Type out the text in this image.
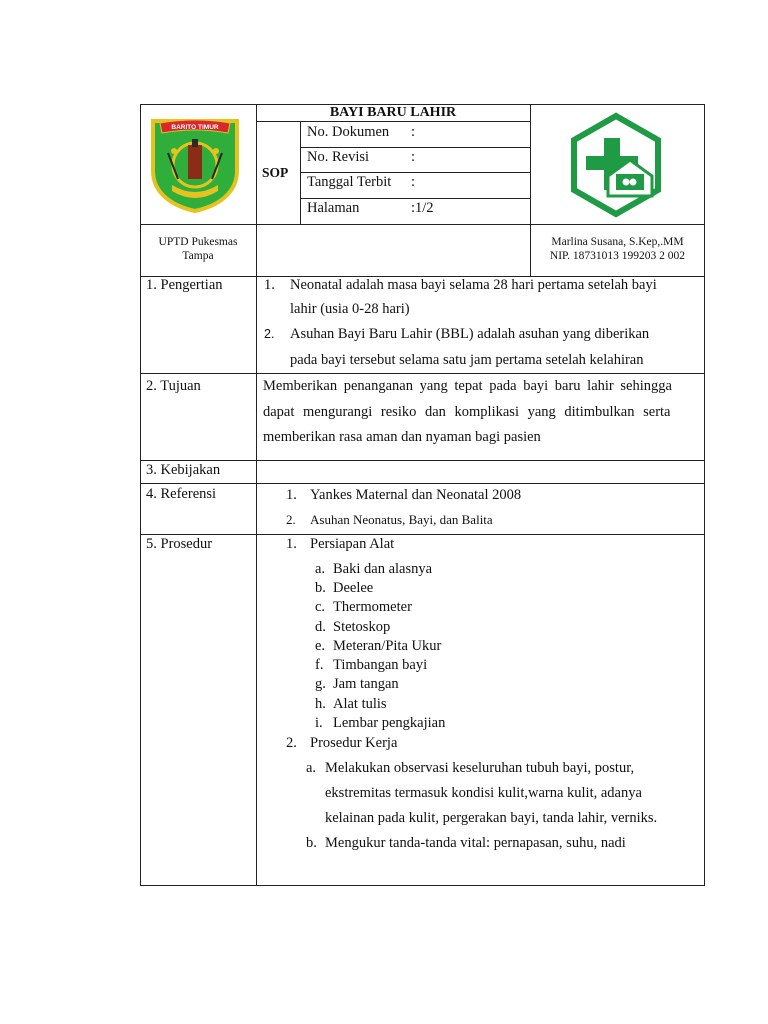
BARITO TIMUR
BAYI BARU LAHIR
SOP
No. Dokumen :
No. Revisi	:
Tanggal Terbit :
Halaman	:1/2
UPTD Pukesmas
Tampa
Marlina Susana, S.Kep,.MM
NIP. 18731013 199203 2 002
1. Pengertian	1. Neonatal adalah masa bayi selama 28 hari pertama setelah bayi
lahir (usia 0-28 hari)
2. Asuhan Bayi Baru Lahir (BBL) adalah asuhan yang diberikan
pada bayi tersebut selama satu jam pertama setelah kelahiran
2. Tujuan	Memberikan penanganan yang tepat pada bayi baru lahir sehingga
dapat mengurangi resiko dan komplikasi yang ditimbulkan serta
memberikan rasa aman dan nyaman bagi pasien
3. Kebijakan
4. Referensi	1. Yankes Maternal dan Neonatal 2008
2. Asuhan Neonatus, Bayi, dan Balita
5. Prosedur	1. Persiapan Alat
a. Baki dan alasnya
b. Deelee
c. Thermometer
d. Stetoskop
e. Meteran/Pita Ukur
f. Timbangan bayi
g. Jam tangan
h. Alat tulis
i. Lembar pengkajian
2. Prosedur Kerja
a. Melakukan observasi keseluruhan tubuh bayi, postur,
ekstremitas termasuk kondisi kulit,warna kulit, adanya
kelainan pada kulit, pergerakan bayi, tanda lahir, verniks.
b. Mengukur tanda-tanda vital: pernapasan, suhu, nadi
